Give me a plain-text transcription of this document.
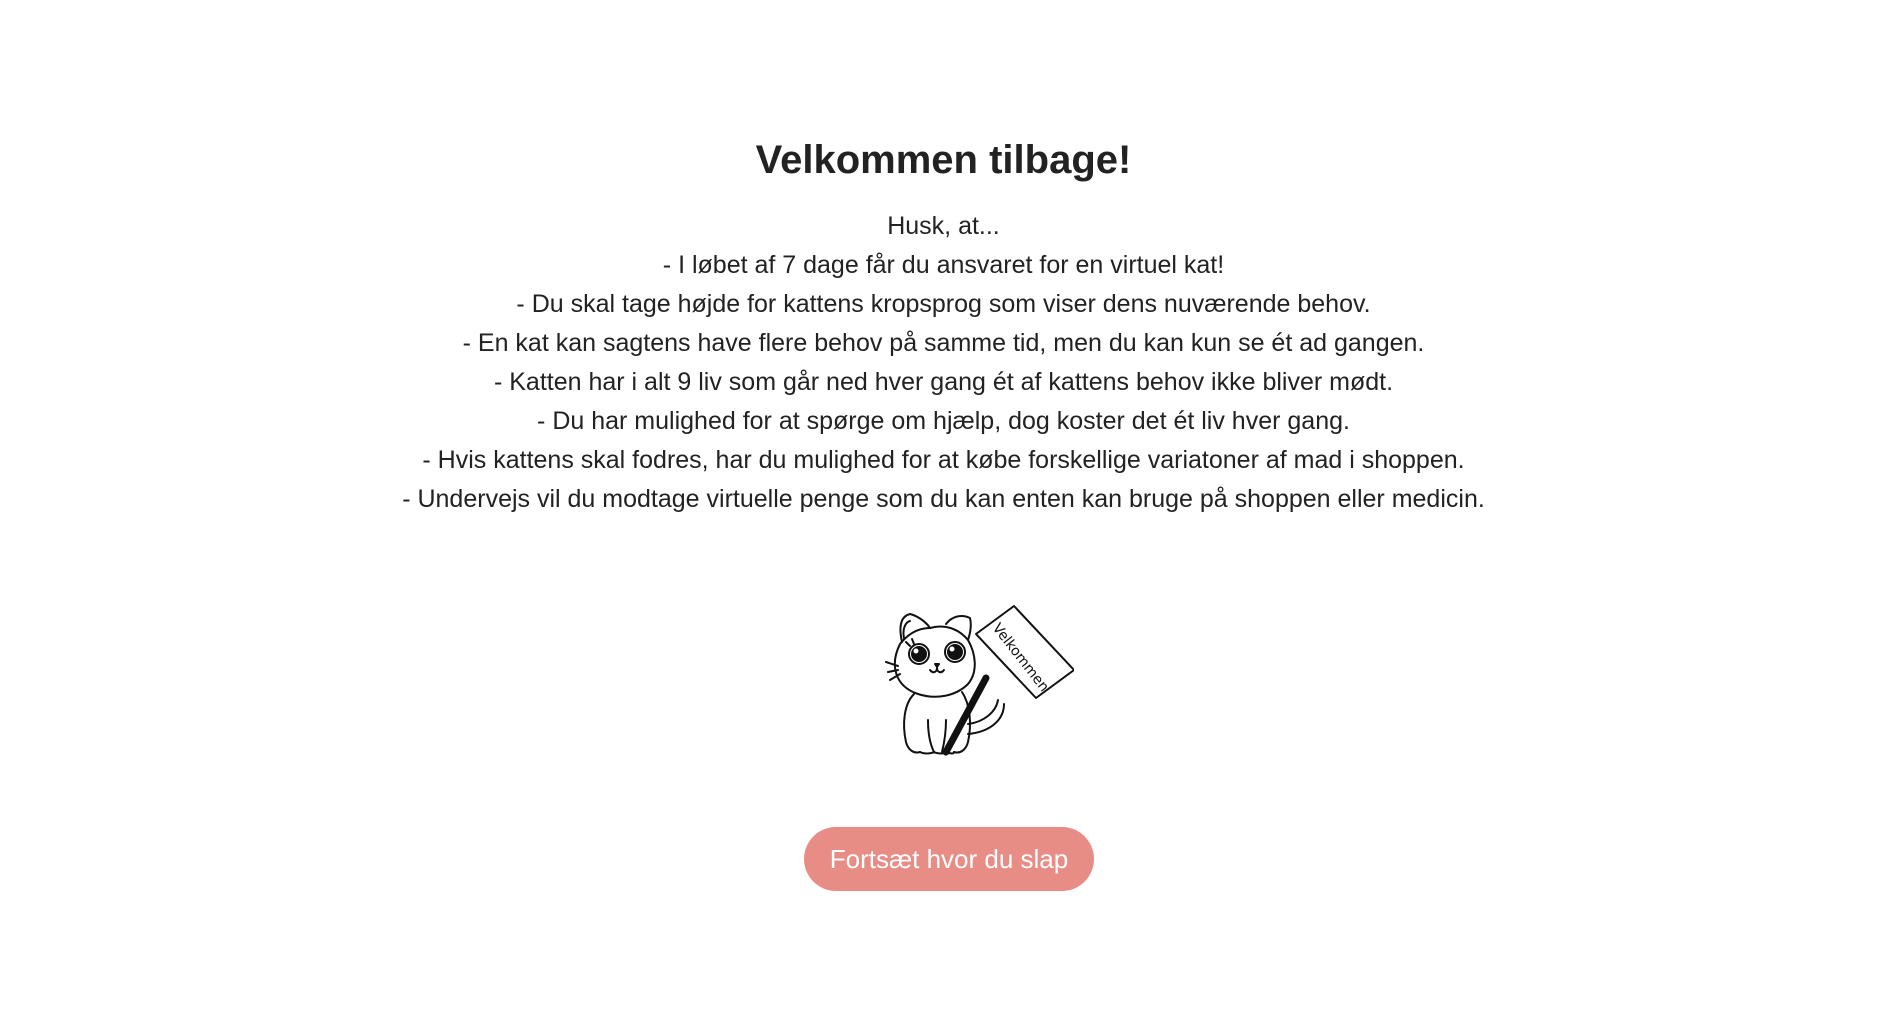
Velkommen tilbage!

Husk, at...

- I løbet af 7 dage får du ansvaret for en virtuel kat!

- Du skal tage højde for kattens kropsprog som viser dens nuværende behov.

- En kat kan sagtens have flere behov på samme tid, men du kan kun se ét ad gangen.

- Katten har i alt 9 liv som går ned hver gang ét af kattens behov ikke bliver mødt.

- Du har mulighed for at spørge om hjælp, dog koster det ét liv hver gang.

- Hvis kattens skal fodres, har du mulighed for at købe forskellige variatoner af mad i shoppen.

- Undervejs vil du modtage virtuelle penge som du kan enten kan bruge på shoppen eller medicin.

Velkommen
Fortsæt hvor du slap
